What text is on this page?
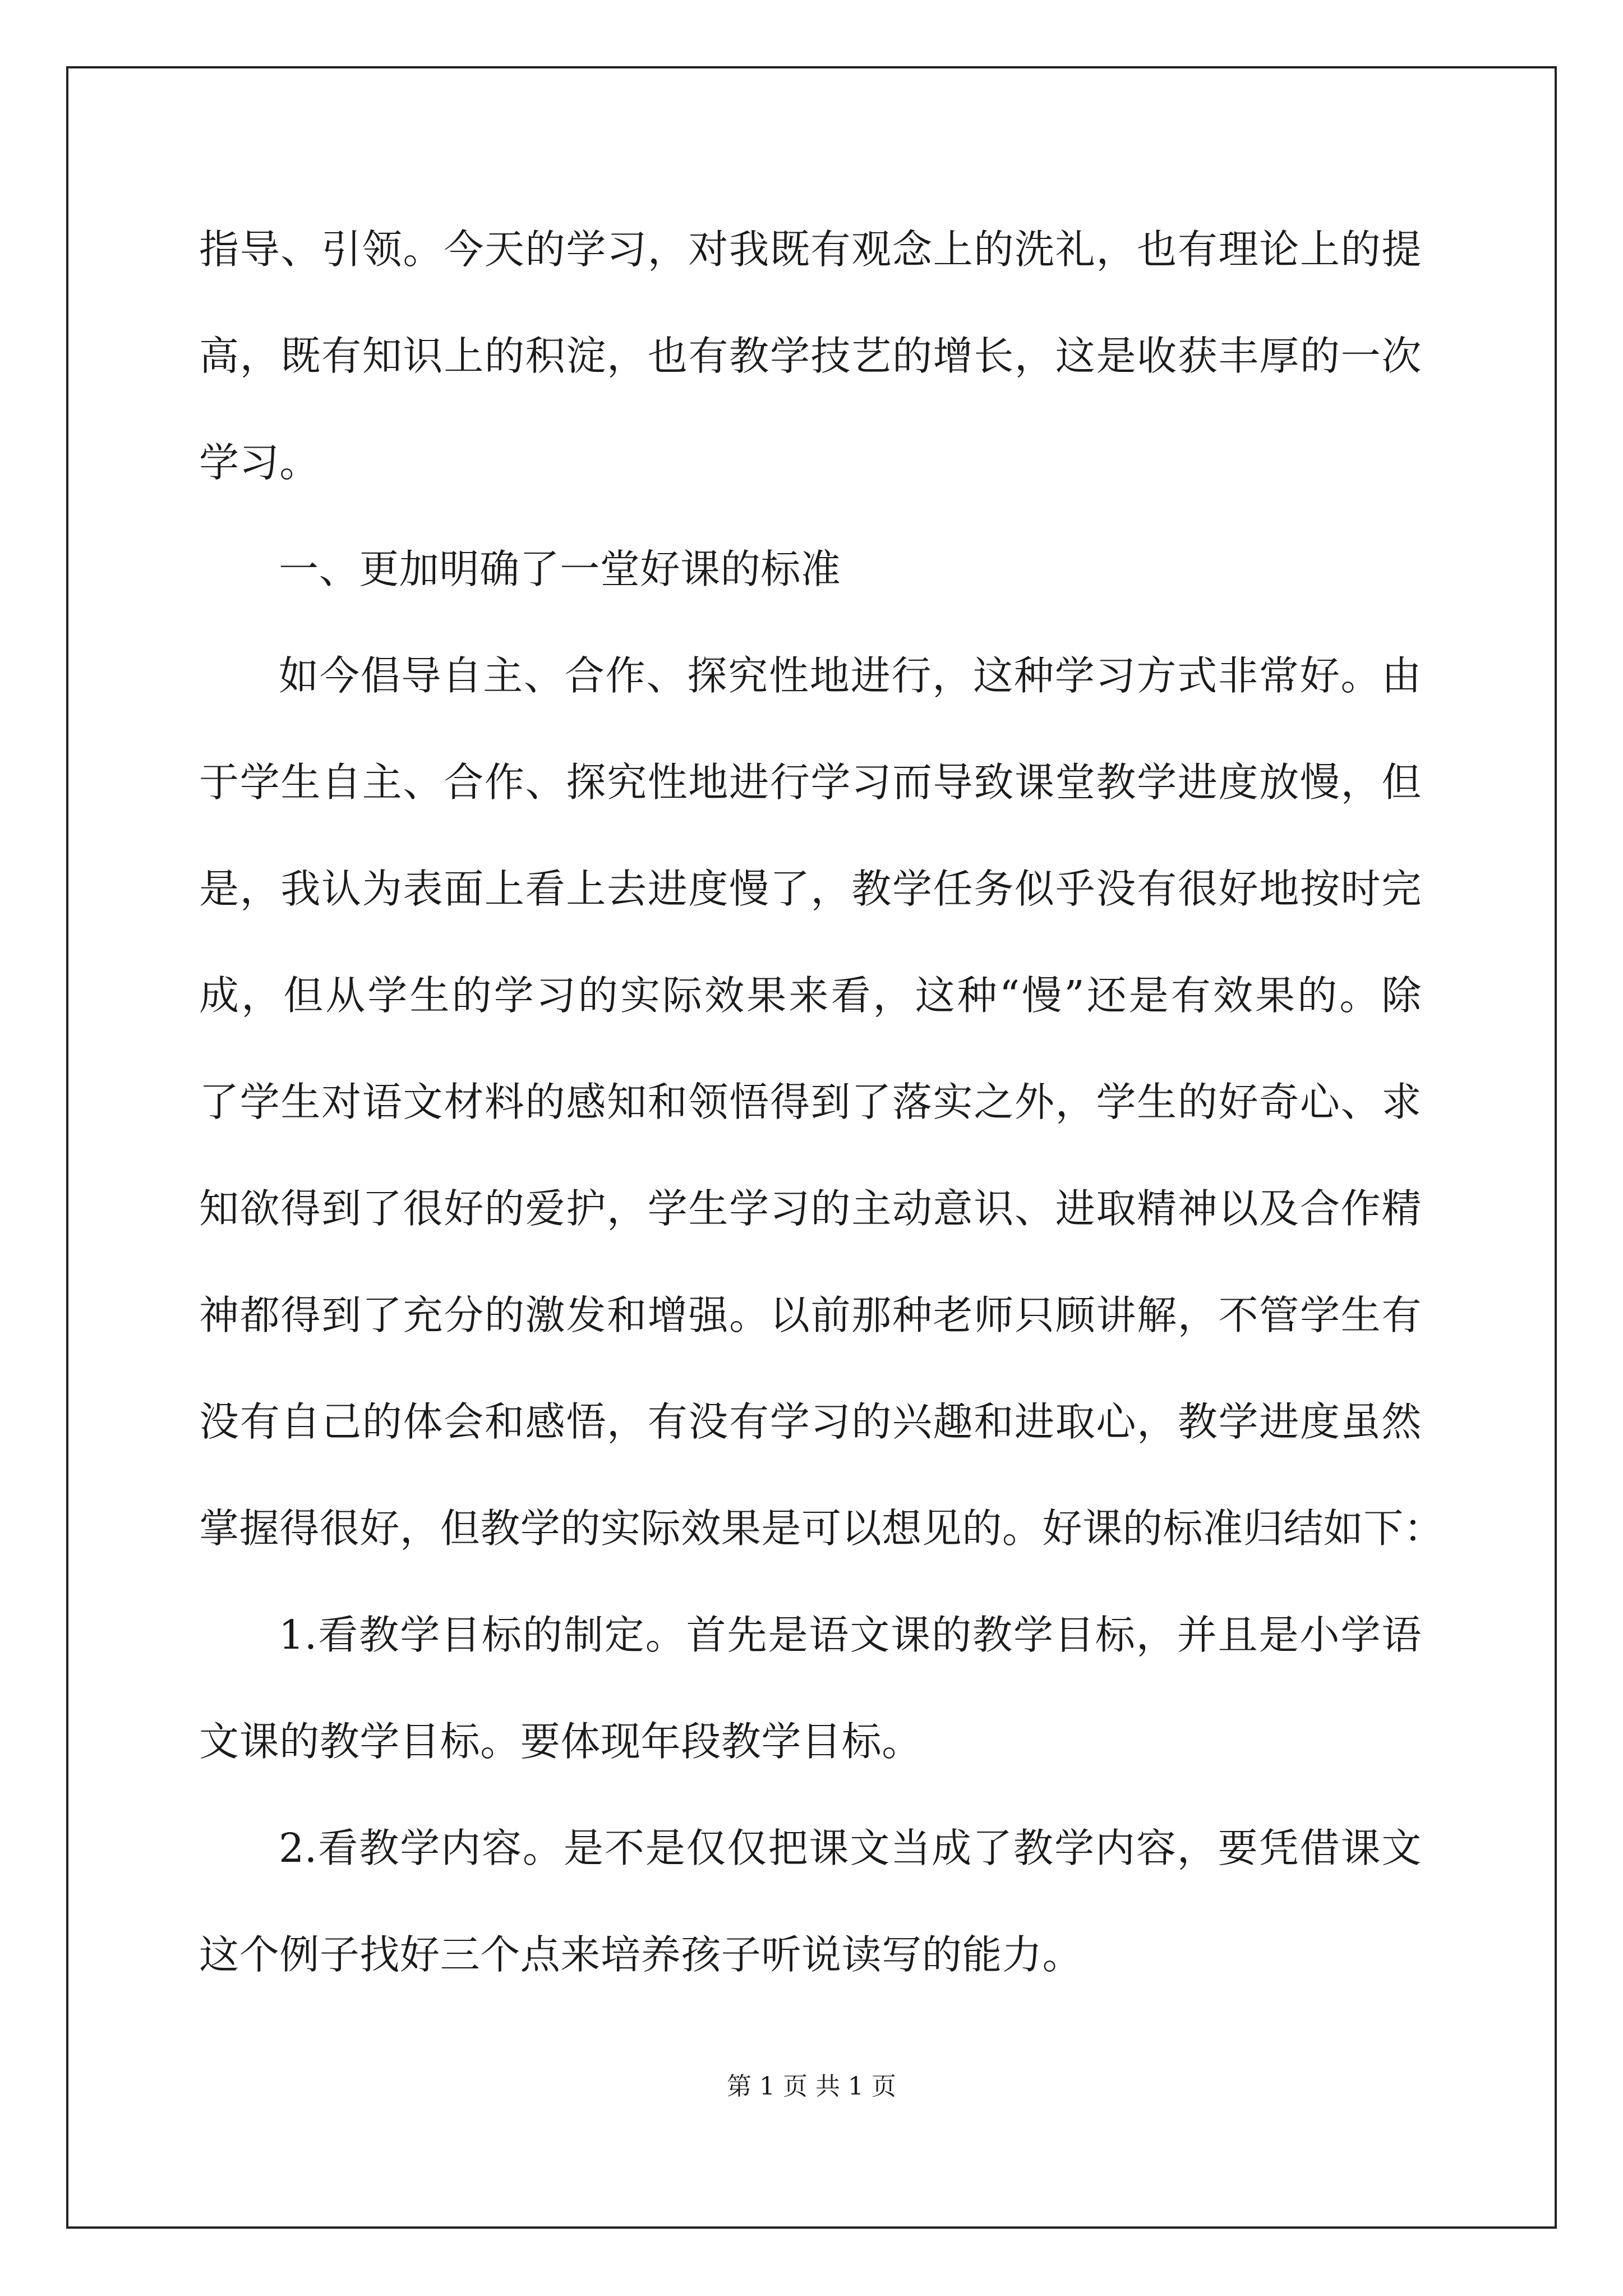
指导、引领。今天的学习，对我既有观念上的洗礼，也有理论上的提
高，既有知识上的积淀，也有教学技艺的增长，这是收获丰厚的一次
学习。
一、更加明确了一堂好课的标准
如今倡导自主、合作、探究性地进行，这种学习方式非常好。由
于学生自主、合作、探究性地进行学习而导致课堂教学进度放慢，但
是，我认为表面上看上去进度慢了，教学任务似乎没有很好地按时完
成，但从学生的学习的实际效果来看，这种“慢”还是有效果的。除
了学生对语文材料的感知和领悟得到了落实之外，学生的好奇心、求
知欲得到了很好的爱护，学生学习的主动意识、进取精神以及合作精
神都得到了充分的激发和增强。以前那种老师只顾讲解，不管学生有
没有自己的体会和感悟，有没有学习的兴趣和进取心，教学进度虽然
掌握得很好，但教学的实际效果是可以想见的。好课的标准归结如下：
1.看教学目标的制定。首先是语文课的教学目标，并且是小学语
文课的教学目标。要体现年段教学目标。
2.看教学内容。是不是仅仅把课文当成了教学内容，要凭借课文
这个例子找好三个点来培养孩子听说读写的能力。
第 1 页 共 1 页
